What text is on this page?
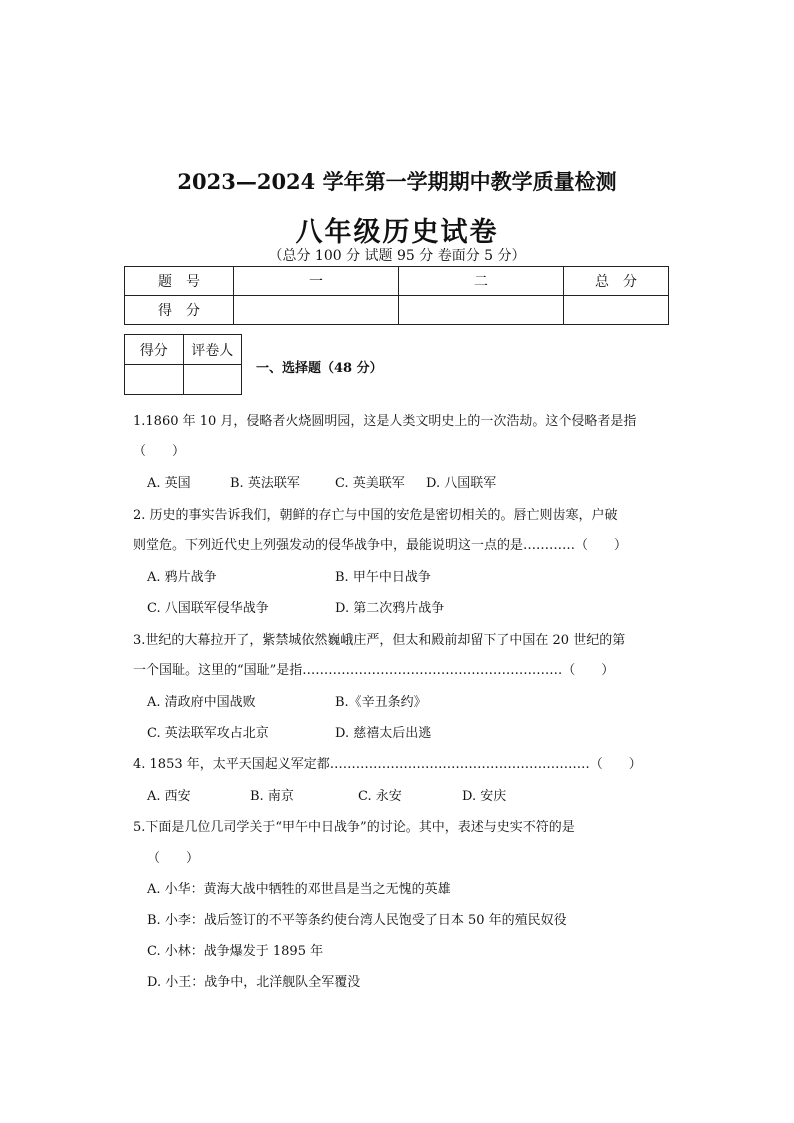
2023—2024 学年第一学期期中教学质量检测
八年级历史试卷
（总分 100 分 试题 95 分 卷面分 5 分）
题　号	一	二	总　分
得　分			
得分	评卷人

一、选择题（48 分）
1.1860 年 10 月，侵略者火烧圆明园，这是人类文明史上的一次浩劫。这个侵略者是指
（　　）
A. 英国	B. 英法联军	C. 英美联军 D. 八国联军
2. 历史的事实告诉我们，朝鲜的存亡与中国的安危是密切相关的。唇亡则齿寒，户破
则堂危。下列近代史上列强发动的侵华战争中，最能说明这一点的是…………（　　）
A. 鸦片战争	B. 甲午中日战争
C. 八国联军侵华战争	D. 第二次鸦片战争
3.世纪的大幕拉开了，紫禁城依然巍峨庄严，但太和殿前却留下了中国在 20 世纪的第
一个国耻。这里的“国耻”是指……………………………………………………（　　）
A. 清政府中国战败	B.《辛丑条约》
C. 英法联军攻占北京	D. 慈禧太后出逃
4. 1853 年，太平天国起义军定都……………………………………………………（　　）
A. 西安	B. 南京	C. 永安	D. 安庆
5.下面是几位几司学关于“甲午中日战争”的讨论。其中，表述与史实不符的是
（　　）
A. 小华：黄海大战中牺牲的邓世昌是当之无愧的英雄
B. 小李：战后签订的不平等条约使台湾人民饱受了日本 50 年的殖民奴役
C. 小林：战争爆发于 1895 年
D. 小王：战争中，北洋舰队全军覆没
